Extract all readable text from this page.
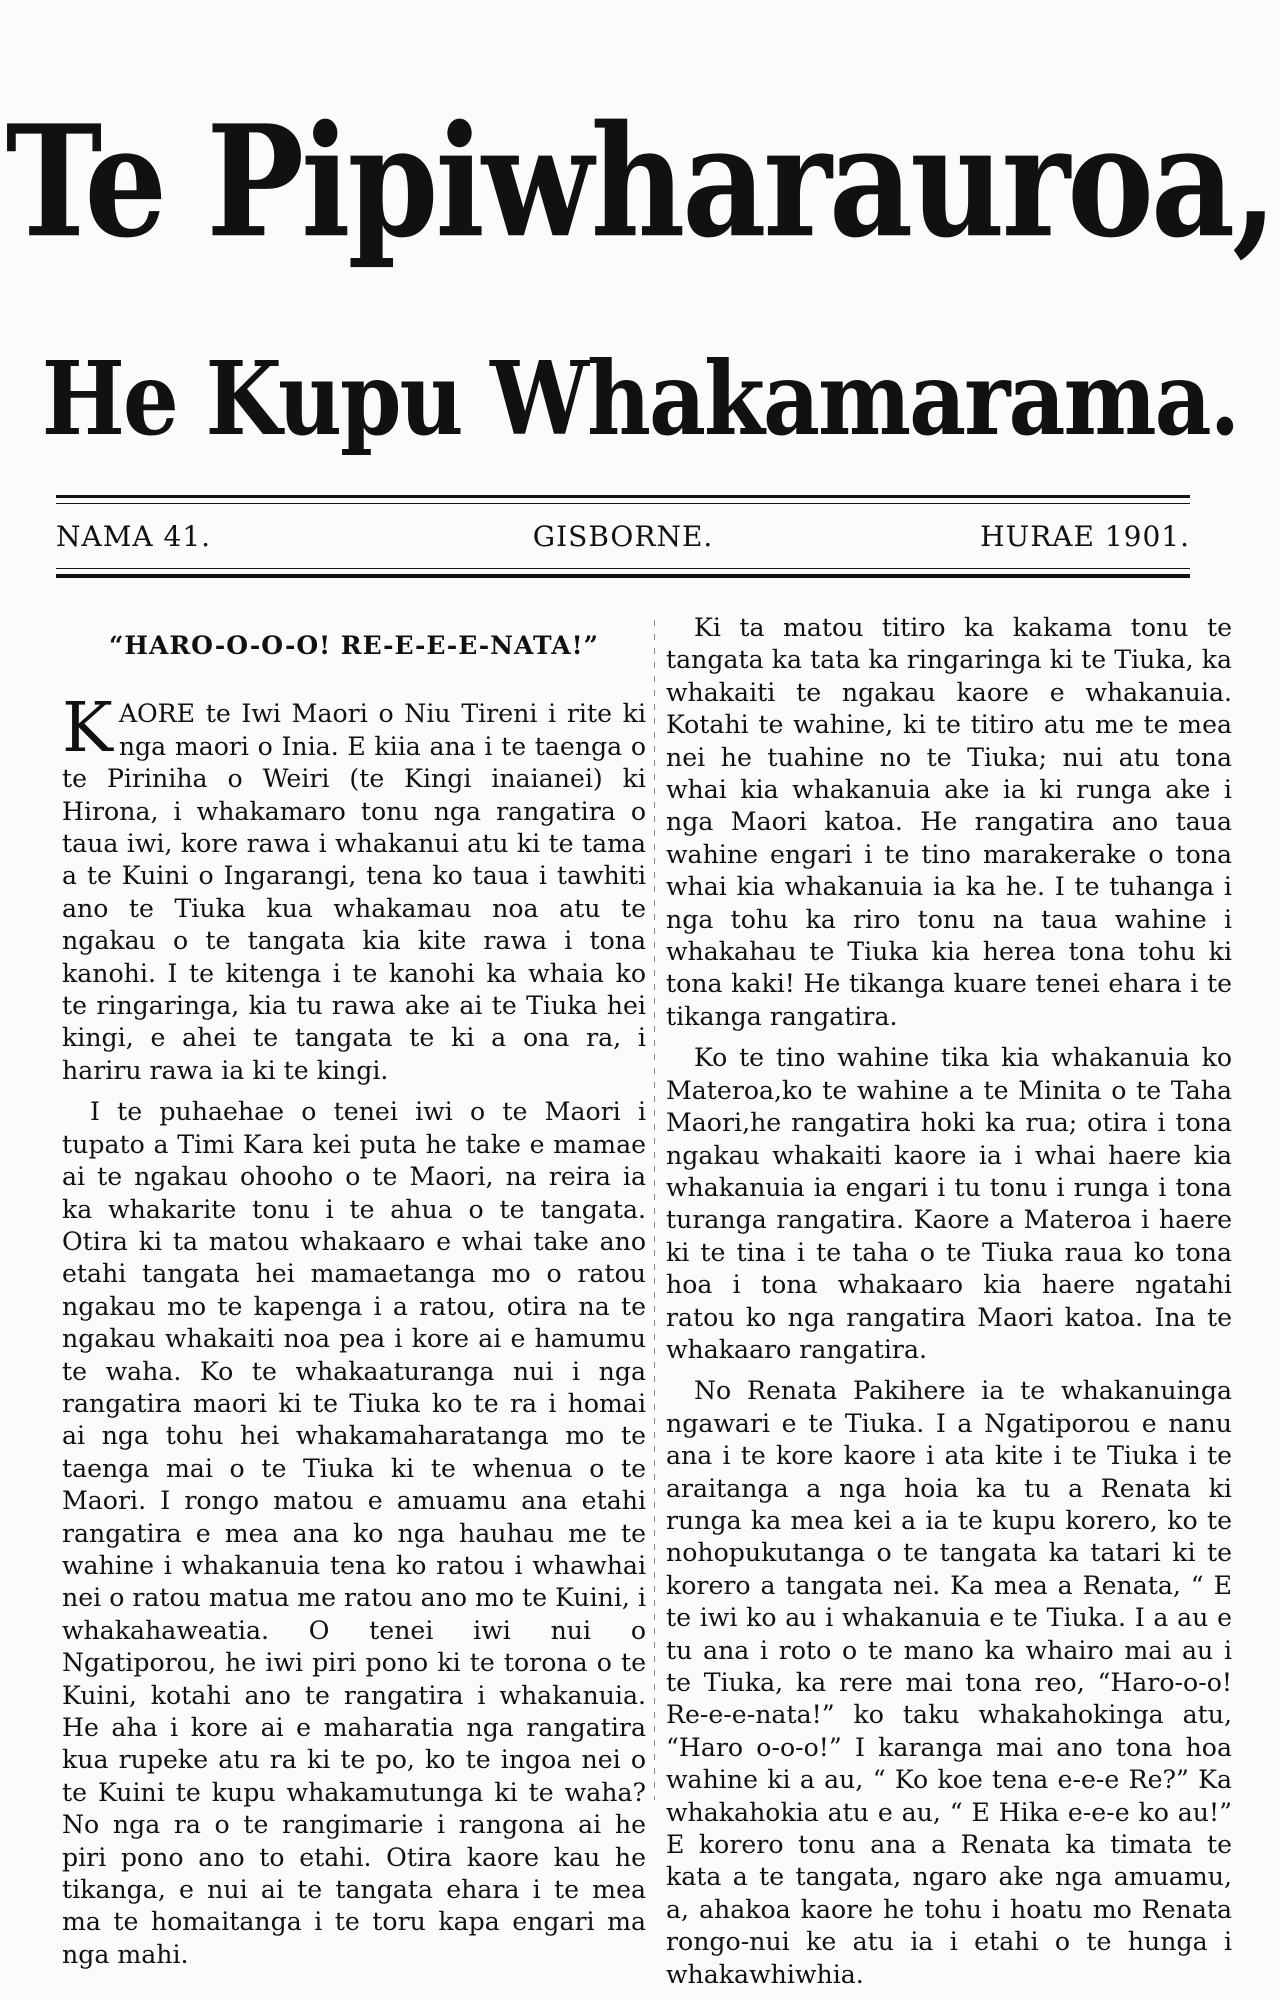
Te Pipiwharauroa,
He Kupu Whakamarama.
GISBORNE.
NAMA 41.	HURAE 1901.
“HARO-O-O-O! RE-E-E-E-NATA!”

KAORE te Iwi Maori o Niu Tireni i rite ki nga maori o Inia. E kiia ana i te taenga o te Piriniha o Weiri (te Kingi inaianei) ki Hirona, i whakamaro tonu nga rangatira o taua iwi, kore rawa i whakanui atu ki te tama a te Kuini o Ingarangi, tena ko taua i tawhiti ano te Tiuka kua whakamau noa atu te ngakau o te tangata kia kite rawa i tona kanohi. I te kitenga i te kanohi ka whaia ko te ringaringa, kia tu rawa ake ai te Tiuka hei kingi, e ahei te tangata te ki a ona ra, i hariru rawa ia ki te kingi.

I te puhaehae o tenei iwi o te Maori i tupato a Timi Kara kei puta he take e mamae ai te ngakau ohooho o te Maori, na reira ia ka whakarite tonu i te ahua o te tangata. Otira ki ta matou whakaaro e whai take ano etahi tangata hei mamaetanga mo o ratou ngakau mo te kapenga i a ratou, otira na te ngakau whakaiti noa pea i kore ai e hamumu te waha. Ko te whakaaturanga nui i nga rangatira maori ki te Tiuka ko te ra i homai ai nga tohu hei whakamaharatanga mo te taenga mai o te Tiuka ki te whenua o te Maori. I rongo matou e amuamu ana etahi rangatira e mea ana ko nga hauhau me te wahine i whakanuia tena ko ratou i whawhai nei o ratou matua me ratou ano mo te Kuini, i whakahaweatia. O tenei iwi nui o Ngatiporou, he iwi piri pono ki te torona o te Kuini, kotahi ano te rangatira i whakanuia. He aha i kore ai e maharatia nga rangatira kua rupeke atu ra ki te po, ko te ingoa nei o te Kuini te kupu whakamutunga ki te waha? No nga ra o te rangimarie i rangona ai he piri pono ano to etahi. Otira kaore kau he tikanga, e nui ai te tangata ehara i te mea ma te homaitanga i te toru kapa engari ma nga mahi.

Ki ta matou titiro ka kakama tonu te tangata ka tata ka ringaringa ki te Tiuka, ka whakaiti te ngakau kaore e whakanuia. Kotahi te wahine, ki te titiro atu me te mea nei he tuahine no te Tiuka; nui atu tona whai kia whakanuia ake ia ki runga ake i nga Maori katoa. He rangatira ano taua wahine engari i te tino marakerake o tona whai kia whakanuia ia ka he. I te tuhanga i nga tohu ka riro tonu na taua wahine i whakahau te Tiuka kia herea tona tohu ki tona kaki! He tikanga kuare tenei ehara i te tikanga rangatira.

Ko te tino wahine tika kia whakanuia ko Materoa,ko te wahine a te Minita o te Taha Maori,he rangatira hoki ka rua; otira i tona ngakau whakaiti kaore ia i whai haere kia whakanuia ia engari i tu tonu i runga i tona turanga rangatira. Kaore a Materoa i haere ki te tina i te taha o te Tiuka raua ko tona hoa i tona whakaaro kia haere ngatahi ratou ko nga rangatira Maori katoa. Ina te whakaaro rangatira.

No Renata Pakihere ia te whakanuinga ngawari e te Tiuka. I a Ngatiporou e nanu ana i te kore kaore i ata kite i te Tiuka i te araitanga a nga hoia ka tu a Renata ki runga ka mea kei a ia te kupu korero, ko te nohopukutanga o te tangata ka tatari ki te korero a tangata nei. Ka mea a Renata, “ E te iwi ko au i whakanuia e te Tiuka. I a au e tu ana i roto o te mano ka whairo mai au i te Tiuka, ka rere mai tona reo, “Haro-o-o! Re-e-e-nata!” ko taku whakahokinga atu, “Haro o-o-o!” I karanga mai ano tona hoa wahine ki a au, “ Ko koe tena e-e-e Re?” Ka whakahokia atu e au, “ E Hika e-e-e ko au!” E korero tonu ana a Renata ka timata te kata a te tangata, ngaro ake nga amuamu, a, ahakoa kaore he tohu i hoatu mo Renata rongo-nui ke atu ia i etahi o te hunga i whakawhiwhia.
